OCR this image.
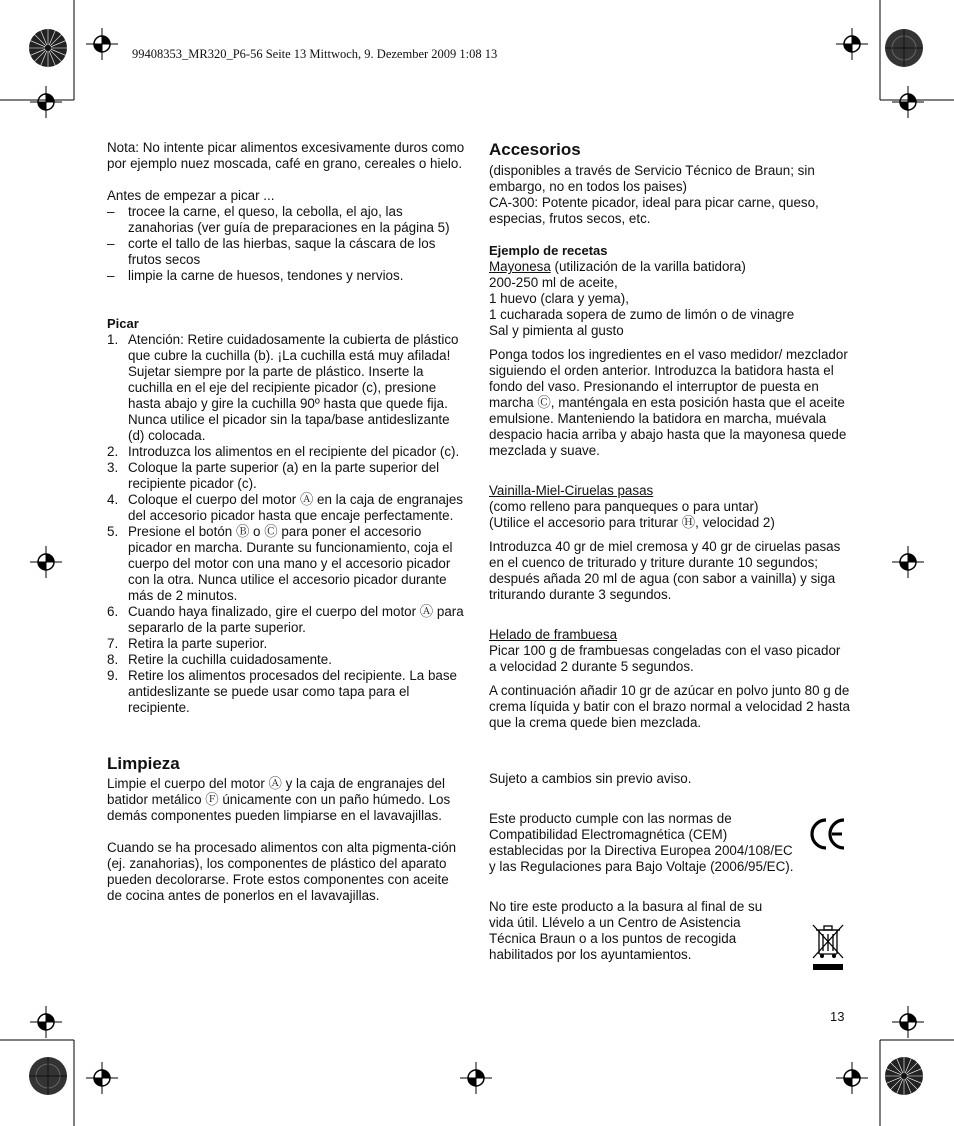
99408353_MR320_P6-56 Seite 13 Mittwoch, 9. Dezember 2009 1:08 13

Nota: No intente picar alimentos excesivamente duros como por ejemplo nuez moscada, café en grano, cereales o hielo.

Antes de empezar a picar ...

– trocee la carne, el queso, la cebolla, el ajo, las zanahorias (ver guía de preparaciones en la página 5)
– corte el tallo de las hierbas, saque la cáscara de los frutos secos
– limpie la carne de huesos, tendones y nervios.

Picar

1. Atención: Retire cuidadosamente la cubierta de plástico que cubre la cuchilla (b). ¡La cuchilla está muy afilada! Sujetar siempre por la parte de plástico. Inserte la cuchilla en el eje del recipiente picador (c), presione hasta abajo y gire la cuchilla 90º hasta que quede fija. Nunca utilice el picador sin la tapa/base antideslizante (d) colocada.
2. Introduzca los alimentos en el recipiente del picador (c).
3. Coloque la parte superior (a) en la parte superior del recipiente picador (c).
4. Coloque el cuerpo del motor Ⓐ en la caja de engranajes del accesorio picador hasta que encaje perfectamente.
5. Presione el botón Ⓑ o Ⓒ para poner el accesorio picador en marcha. Durante su funcionamiento, coja el cuerpo del motor con una mano y el accesorio picador con la otra. Nunca utilice el accesorio picador durante más de 2 minutos.
6. Cuando haya finalizado, gire el cuerpo del motor Ⓐ para separarlo de la parte superior.
7. Retira la parte superior.
8. Retire la cuchilla cuidadosamente.
9. Retire los alimentos procesados del recipiente. La base antideslizante se puede usar como tapa para el recipiente.
Limpieza

Limpie el cuerpo del motor Ⓐ y la caja de engranajes del batidor metálico Ⓕ únicamente con un paño húmedo. Los demás componentes pueden limpiarse en el lavavajillas.

Cuando se ha procesado alimentos con alta pigmenta-ción (ej. zanahorias), los componentes de plástico del aparato pueden decolorarse. Frote estos componentes con aceite de cocina antes de ponerlos en el lavavajillas.

Accesorios

(disponibles a través de Servicio Técnico de Braun; sin embargo, no en todos los paises)

CA-300: Potente picador, ideal para picar carne, queso, especias, frutos secos, etc.

Ejemplo de recetas

Mayonesa (utilización de la varilla batidora)

200-250 ml de aceite,

1 huevo (clara y yema),

1 cucharada sopera de zumo de limón o de vinagre

Sal y pimienta al gusto

Ponga todos los ingredientes en el vaso medidor/ mezclador siguiendo el orden anterior. Introduzca la batidora hasta el fondo del vaso. Presionando el interruptor de puesta en marcha Ⓒ, manténgala en esta posición hasta que el aceite emulsione. Manteniendo la batidora en marcha, muévala despacio hacia arriba y abajo hasta que la mayonesa quede mezclada y suave.

Vainilla-Miel-Ciruelas pasas

(como relleno para panqueques o para untar)

(Utilice el accesorio para triturar Ⓗ, velocidad 2)

Introduzca 40 gr de miel cremosa y 40 gr de ciruelas pasas en el cuenco de triturado y triture durante 10 segundos; después añada 20 ml de agua (con sabor a vainilla) y siga triturando durante 3 segundos.

Helado de frambuesa

Picar 100 g de frambuesas congeladas con el vaso picador a velocidad 2 durante 5 segundos.

A continuación añadir 10 gr de azúcar en polvo junto 80 g de crema líquida y batir con el brazo normal a velocidad 2 hasta que la crema quede bien mezclada.

Sujeto a cambios sin previo aviso.

Este producto cumple con las normas de Compatibilidad Electromagnética (CEM) establecidas por la Directiva Europea 2004/108/EC y las Regulaciones para Bajo Voltaje (2006/95/EC).

No tire este producto a la basura al final de su vida útil. Llévelo a un Centro de Asistencia Técnica Braun o a los puntos de recogida habilitados por los ayuntamientos.

13
